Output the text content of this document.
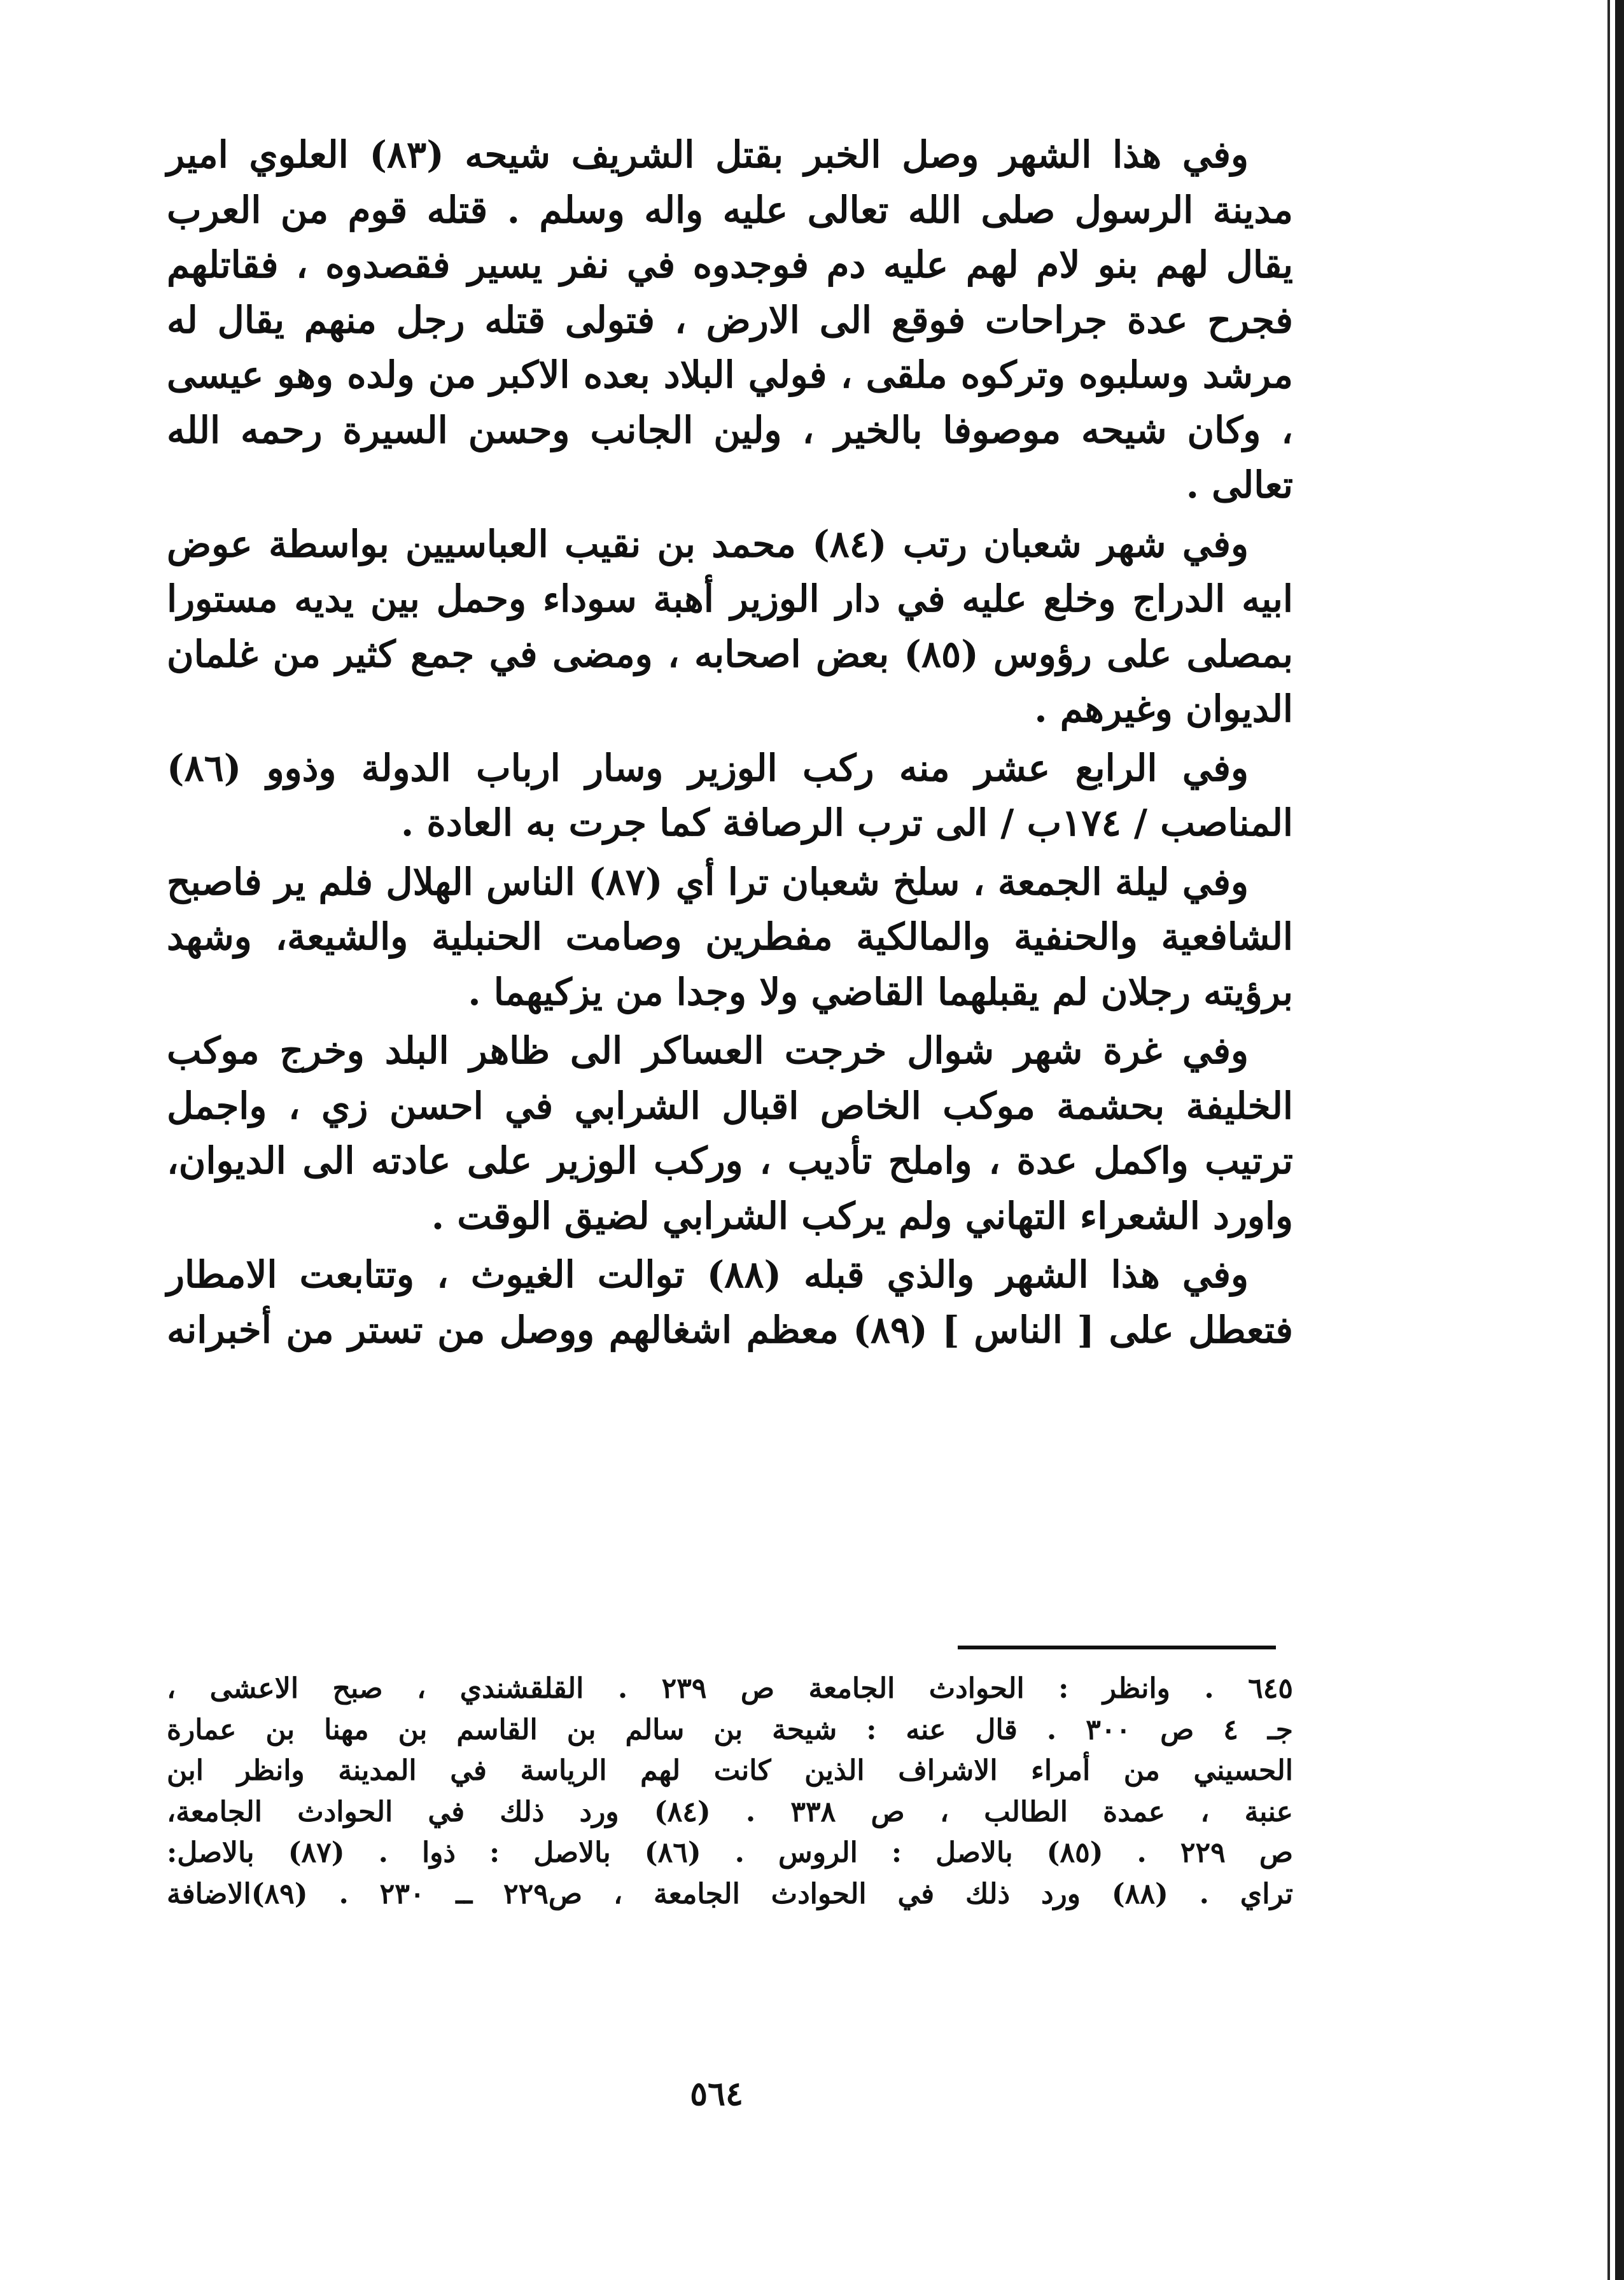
وفي هذا الشهر وصل الخبر بقتل الشريف شيحه (٨٣) العلوي امير مدينة الرسول صلى الله تعالى عليه واله وسلم . قتله قوم من العرب يقال لهم بنو لام لهم عليه دم فوجدوه في نفر يسير فقصدوه ، فقاتلهم فجرح عدة جراحات فوقع الى الارض ، فتولى قتله رجل منهم يقال له مرشد وسلبوه وتركوه ملقى ، فولي البلاد بعده الاكبر من ولده وهو عيسى ، وكان شيحه موصوفا بالخير ، ولين الجانب وحسن السيرة رحمه الله تعالى .

وفي شهر شعبان رتب (٨٤) محمد بن نقيب العباسيين بواسطة عوض ابيه الدراج وخلع عليه في دار الوزير أهبة سوداء وحمل بين يديه مستورا بمصلى على رؤوس (٨٥) بعض اصحابه ، ومضى في جمع كثير من غلمان الديوان وغيرهم .

وفي الرابع عشر منه ركب الوزير وسار ارباب الدولة وذوو (٨٦) المناصب / ١٧٤ب / الى ترب الرصافة كما جرت به العادة .

وفي ليلة الجمعة ، سلخ شعبان ترا أي (٨٧) الناس الهلال فلم ير فاصبح الشافعية والحنفية والمالكية مفطرين وصامت الحنبلية والشيعة، وشهد برؤيته رجلان لم يقبلهما القاضي ولا وجدا من يزكيهما .

وفي غرة شهر شوال خرجت العساكر الى ظاهر البلد وخرج موكب الخليفة بحشمة موكب الخاص اقبال الشرابي في احسن زي ، واجمل ترتيب واكمل عدة ، واملح تأديب ، وركب الوزير على عادته الى الديوان، واورد الشعراء التهاني ولم يركب الشرابي لضيق الوقت .

وفي هذا الشهر والذي قبله (٨٨) توالت الغيوث ، وتتابعت الامطار فتعطل على [ الناس ] (٨٩) معظم اشغالهم ووصل من تستر من أخبرانه

٦٤٥ . وانظر : الحوادث الجامعة ص ٢٣٩ . القلقشندي ، صبح الاعشى ،
جـ ٤ ص ٣٠٠ . قال عنه : شيحة بن سالم بن القاسم بن مهنا بن عمارة
الحسيني من أمراء الاشراف الذين كانت لهم الرياسة في المدينة وانظر ابن
عنبة ، عمدة الطالب ، ص ٣٣٨ . (٨٤) ورد ذلك في الحوادث الجامعة،
ص ٢٢٩ . (٨٥) بالاصل : الروس . (٨٦) بالاصل : ذوا . (٨٧) بالاصل:
تراي . (٨٨) ورد ذلك في الحوادث الجامعة ، ص٢٢٩ ــ ٢٣٠ . (٨٩)الاضافة
٥٦٤
